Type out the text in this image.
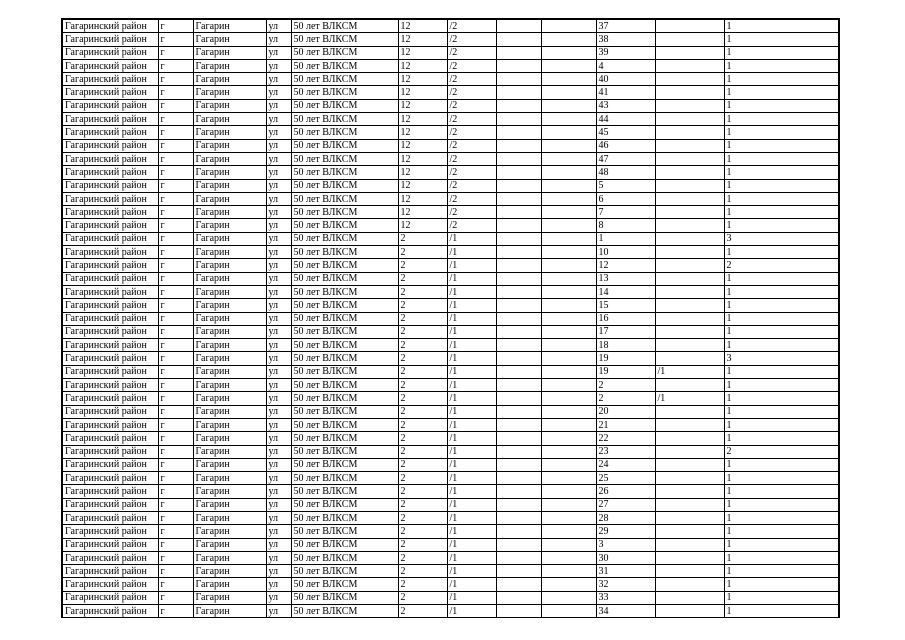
Гагаринский район	г	Гагарин	ул	50 лет ВЛКСМ	12	/2			37		1
Гагаринский район	г	Гагарин	ул	50 лет ВЛКСМ	12	/2			38		1
Гагаринский район	г	Гагарин	ул	50 лет ВЛКСМ	12	/2			39		1
Гагаринский район	г	Гагарин	ул	50 лет ВЛКСМ	12	/2			4		1
Гагаринский район	г	Гагарин	ул	50 лет ВЛКСМ	12	/2			40		1
Гагаринский район	г	Гагарин	ул	50 лет ВЛКСМ	12	/2			41		1
Гагаринский район	г	Гагарин	ул	50 лет ВЛКСМ	12	/2			43		1
Гагаринский район	г	Гагарин	ул	50 лет ВЛКСМ	12	/2			44		1
Гагаринский район	г	Гагарин	ул	50 лет ВЛКСМ	12	/2			45		1
Гагаринский район	г	Гагарин	ул	50 лет ВЛКСМ	12	/2			46		1
Гагаринский район	г	Гагарин	ул	50 лет ВЛКСМ	12	/2			47		1
Гагаринский район	г	Гагарин	ул	50 лет ВЛКСМ	12	/2			48		1
Гагаринский район	г	Гагарин	ул	50 лет ВЛКСМ	12	/2			5		1
Гагаринский район	г	Гагарин	ул	50 лет ВЛКСМ	12	/2			6		1
Гагаринский район	г	Гагарин	ул	50 лет ВЛКСМ	12	/2			7		1
Гагаринский район	г	Гагарин	ул	50 лет ВЛКСМ	12	/2			8		1
Гагаринский район	г	Гагарин	ул	50 лет ВЛКСМ	2	/1			1		3
Гагаринский район	г	Гагарин	ул	50 лет ВЛКСМ	2	/1			10		1
Гагаринский район	г	Гагарин	ул	50 лет ВЛКСМ	2	/1			12		2
Гагаринский район	г	Гагарин	ул	50 лет ВЛКСМ	2	/1			13		1
Гагаринский район	г	Гагарин	ул	50 лет ВЛКСМ	2	/1			14		1
Гагаринский район	г	Гагарин	ул	50 лет ВЛКСМ	2	/1			15		1
Гагаринский район	г	Гагарин	ул	50 лет ВЛКСМ	2	/1			16		1
Гагаринский район	г	Гагарин	ул	50 лет ВЛКСМ	2	/1			17		1
Гагаринский район	г	Гагарин	ул	50 лет ВЛКСМ	2	/1			18		1
Гагаринский район	г	Гагарин	ул	50 лет ВЛКСМ	2	/1			19		3
Гагаринский район	г	Гагарин	ул	50 лет ВЛКСМ	2	/1			19	/1	1
Гагаринский район	г	Гагарин	ул	50 лет ВЛКСМ	2	/1			2		1
Гагаринский район	г	Гагарин	ул	50 лет ВЛКСМ	2	/1			2	/1	1
Гагаринский район	г	Гагарин	ул	50 лет ВЛКСМ	2	/1			20		1
Гагаринский район	г	Гагарин	ул	50 лет ВЛКСМ	2	/1			21		1
Гагаринский район	г	Гагарин	ул	50 лет ВЛКСМ	2	/1			22		1
Гагаринский район	г	Гагарин	ул	50 лет ВЛКСМ	2	/1			23		2
Гагаринский район	г	Гагарин	ул	50 лет ВЛКСМ	2	/1			24		1
Гагаринский район	г	Гагарин	ул	50 лет ВЛКСМ	2	/1			25		1
Гагаринский район	г	Гагарин	ул	50 лет ВЛКСМ	2	/1			26		1
Гагаринский район	г	Гагарин	ул	50 лет ВЛКСМ	2	/1			27		1
Гагаринский район	г	Гагарин	ул	50 лет ВЛКСМ	2	/1			28		1
Гагаринский район	г	Гагарин	ул	50 лет ВЛКСМ	2	/1			29		1
Гагаринский район	г	Гагарин	ул	50 лет ВЛКСМ	2	/1			3		1
Гагаринский район	г	Гагарин	ул	50 лет ВЛКСМ	2	/1			30		1
Гагаринский район	г	Гагарин	ул	50 лет ВЛКСМ	2	/1			31		1
Гагаринский район	г	Гагарин	ул	50 лет ВЛКСМ	2	/1			32		1
Гагаринский район	г	Гагарин	ул	50 лет ВЛКСМ	2	/1			33		1
Гагаринский район	г	Гагарин	ул	50 лет ВЛКСМ	2	/1			34		1
